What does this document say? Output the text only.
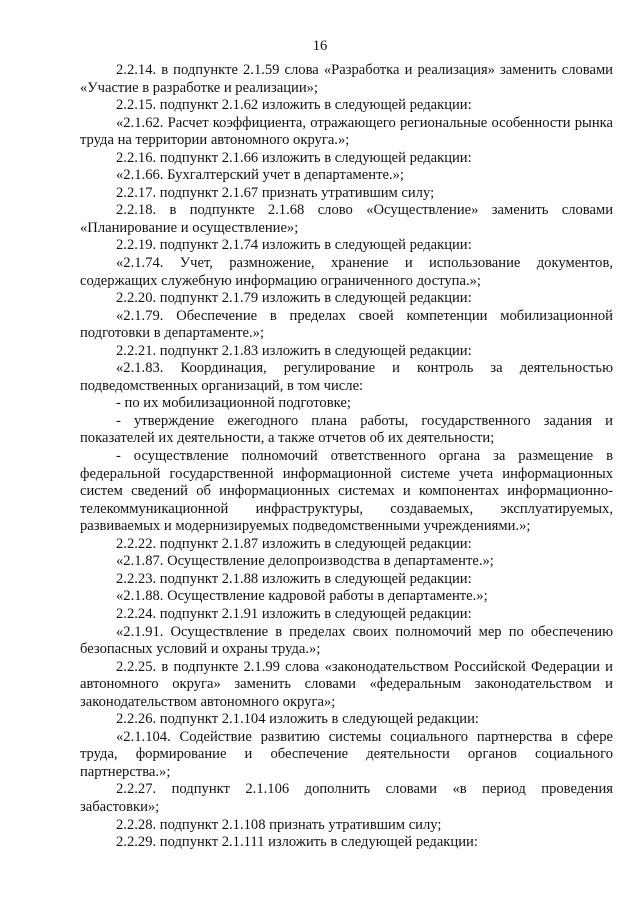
16

2.2.14. в подпункте 2.1.59 слова «Разработка и реализация» заменить словами «Участие в разработке и реализации»;

2.2.15. подпункт 2.1.62 изложить в следующей редакции:

«2.1.62. Расчет коэффициента, отражающего региональные особенности рынка труда на территории автономного округа.»;

2.2.16. подпункт 2.1.66 изложить в следующей редакции:

«2.1.66. Бухгалтерский учет в департаменте.»;

2.2.17. подпункт 2.1.67 признать утратившим силу;

2.2.18. в подпункте 2.1.68 слово «Осуществление» заменить словами «Планирование и осуществление»;

2.2.19. подпункт 2.1.74 изложить в следующей редакции:

«2.1.74. Учет, размножение, хранение и использование документов, содержащих служебную информацию ограниченного доступа.»;

2.2.20. подпункт 2.1.79 изложить в следующей редакции:

«2.1.79. Обеспечение в пределах своей компетенции мобилизационной подготовки в департаменте.»;

2.2.21. подпункт 2.1.83 изложить в следующей редакции:

«2.1.83. Координация, регулирование и контроль за деятельностью подведомственных организаций, в том числе:

- по их мобилизационной подготовке;

- утверждение ежегодного плана работы, государственного задания и показателей их деятельности, а также отчетов об их деятельности;

- осуществление полномочий ответственного органа за размещение в федеральной государственной информационной системе учета информационных систем сведений об информационных системах и компонентах информационно-телекоммуникационной инфраструктуры, создаваемых, эксплуатируемых, развиваемых и модернизируемых подведомственными учреждениями.»;

2.2.22. подпункт 2.1.87 изложить в следующей редакции:

«2.1.87. Осуществление делопроизводства в департаменте.»;

2.2.23. подпункт 2.1.88 изложить в следующей редакции:

«2.1.88. Осуществление кадровой работы в департаменте.»;

2.2.24. подпункт 2.1.91 изложить в следующей редакции:

«2.1.91. Осуществление в пределах своих полномочий мер по обеспечению безопасных условий и охраны труда.»;

2.2.25. в подпункте 2.1.99 слова «законодательством Российской Федерации и автономного округа» заменить словами «федеральным законодательством и законодательством автономного округа»;

2.2.26. подпункт 2.1.104 изложить в следующей редакции:

«2.1.104. Содействие развитию системы социального партнерства в сфере труда, формирование и обеспечение деятельности органов социального партнерства.»;

2.2.27. подпункт 2.1.106 дополнить словами «в период проведения забастовки»;

2.2.28. подпункт 2.1.108 признать утратившим силу;

2.2.29. подпункт 2.1.111 изложить в следующей редакции:
